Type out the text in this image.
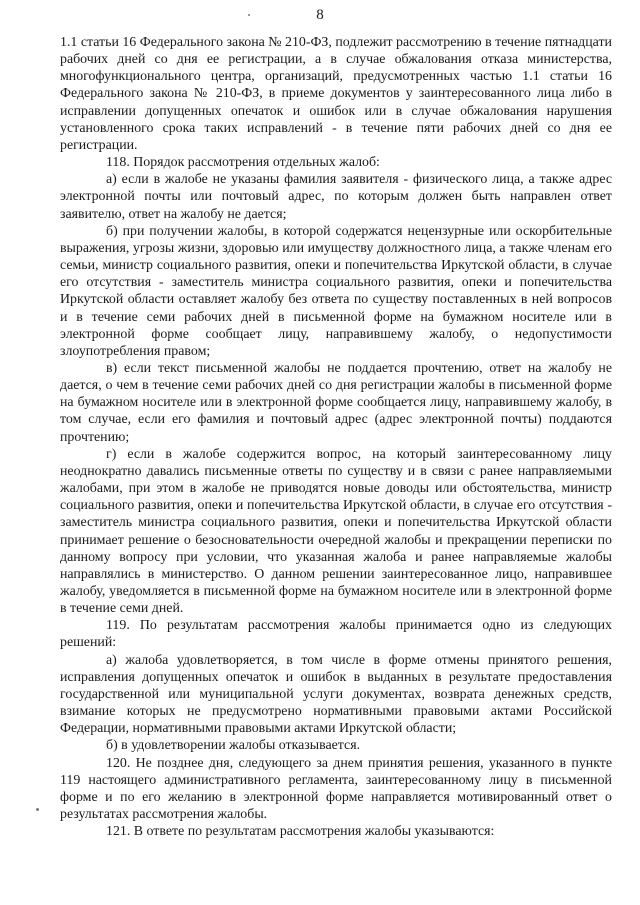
8

1.1 статьи 16 Федерального закона № 210-ФЗ, подлежит рассмотрению в течение пятнадцати рабочих дней со дня ее регистрации, а в случае обжалования отказа министерства, многофункционального центра, организаций, предусмотренных частью 1.1 статьи 16 Федерального закона № 210-ФЗ, в приеме документов у заинтересованного лица либо в исправлении допущенных опечаток и ошибок или в случае обжалования нарушения установленного срока таких исправлений - в течение пяти рабочих дней со дня ее регистрации.

118. Порядок рассмотрения отдельных жалоб:

а) если в жалобе не указаны фамилия заявителя - физического лица, а также адрес электронной почты или почтовый адрес, по которым должен быть направлен ответ заявителю, ответ на жалобу не дается;

б) при получении жалобы, в которой содержатся нецензурные или оскорбительные выражения, угрозы жизни, здоровью или имуществу должностного лица, а также членам его семьи, министр социального развития, опеки и попечительства Иркутской области, в случае его отсутствия - заместитель министра социального развития, опеки и попечительства Иркутской области оставляет жалобу без ответа по существу поставленных в ней вопросов и в течение семи рабочих дней в письменной форме на бумажном носителе или в электронной форме сообщает лицу, направившему жалобу, о недопустимости злоупотребления правом;

в) если текст письменной жалобы не поддается прочтению, ответ на жалобу не дается, о чем в течение семи рабочих дней со дня регистрации жалобы в письменной форме на бумажном носителе или в электронной форме сообщается лицу, направившему жалобу, в том случае, если его фамилия и почтовый адрес (адрес электронной почты) поддаются прочтению;

г) если в жалобе содержится вопрос, на который заинтересованному лицу неоднократно давались письменные ответы по существу и в связи с ранее направляемыми жалобами, при этом в жалобе не приводятся новые доводы или обстоятельства, министр социального развития, опеки и попечительства Иркутской области, в случае его отсутствия - заместитель министра социального развития, опеки и попечительства Иркутской области принимает решение о безосновательности очередной жалобы и прекращении переписки по данному вопросу при условии, что указанная жалоба и ранее направляемые жалобы направлялись в министерство. О данном решении заинтересованное лицо, направившее жалобу, уведомляется в письменной форме на бумажном носителе или в электронной форме в течение семи дней.

119. По результатам рассмотрения жалобы принимается одно из следующих решений:

а) жалоба удовлетворяется, в том числе в форме отмены принятого решения, исправления допущенных опечаток и ошибок в выданных в результате предоставления государственной или муниципальной услуги документах, возврата денежных средств, взимание которых не предусмотрено нормативными правовыми актами Российской Федерации, нормативными правовыми актами Иркутской области;

б) в удовлетворении жалобы отказывается.

120. Не позднее дня, следующего за днем принятия решения, указанного в пункте 119 настоящего административного регламента, заинтересованному лицу в письменной форме и по его желанию в электронной форме направляется мотивированный ответ о результатах рассмотрения жалобы.

121. В ответе по результатам рассмотрения жалобы указываются:
